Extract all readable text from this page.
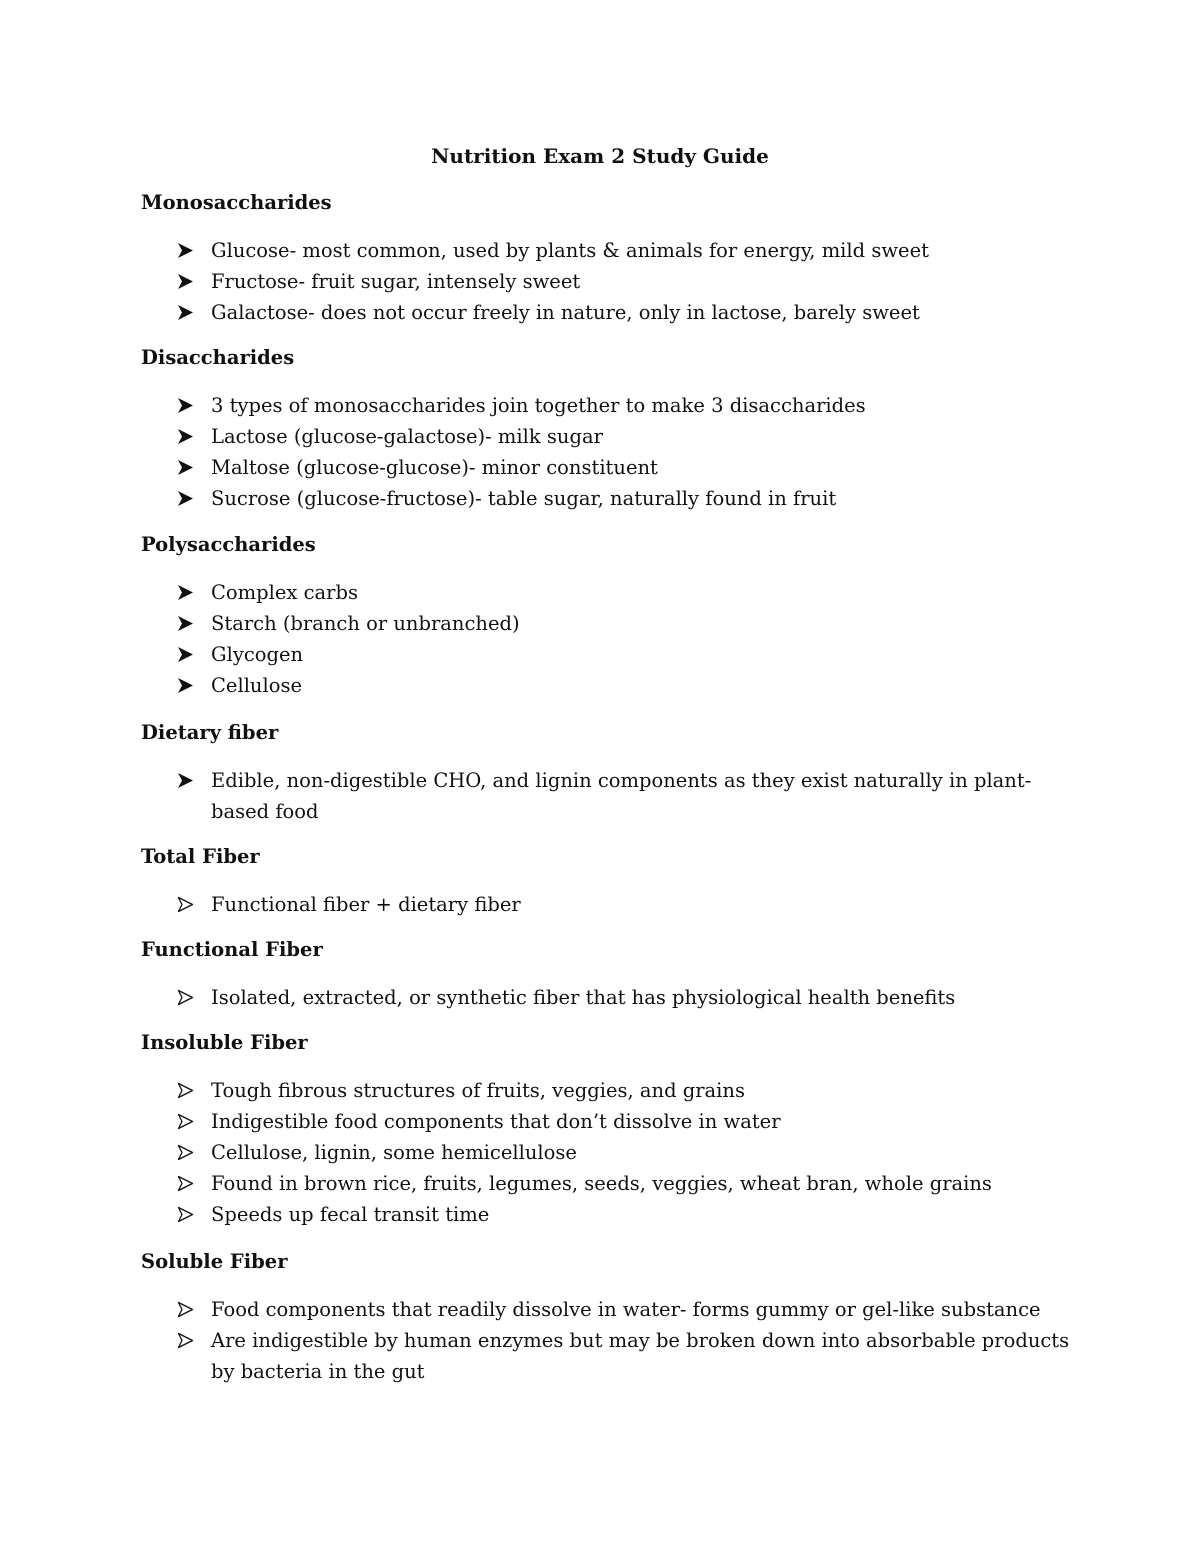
Nutrition Exam 2 Study Guide
Monosaccharides
Glucose- most common, used by plants & animals for energy, mild sweet
Fructose- fruit sugar, intensely sweet
Galactose- does not occur freely in nature, only in lactose, barely sweet
Disaccharides
3 types of monosaccharides join together to make 3 disaccharides
Lactose (glucose-galactose)- milk sugar
Maltose (glucose-glucose)- minor constituent
Sucrose (glucose-fructose)- table sugar, naturally found in fruit
Polysaccharides
Complex carbs
Starch (branch or unbranched)
Glycogen
Cellulose
Dietary fiber
Edible, non-digestible CHO, and lignin components as they exist naturally in plant-based food
Total Fiber
Functional fiber + dietary fiber
Functional Fiber
Isolated, extracted, or synthetic fiber that has physiological health benefits
Insoluble Fiber
Tough fibrous structures of fruits, veggies, and grains
Indigestible food components that don’t dissolve in water
Cellulose, lignin, some hemicellulose
Found in brown rice, fruits, legumes, seeds, veggies, wheat bran, whole grains
Speeds up fecal transit time
Soluble Fiber
Food components that readily dissolve in water- forms gummy or gel-like substance
Are indigestible by human enzymes but may be broken down into absorbable products by bacteria in the gut
